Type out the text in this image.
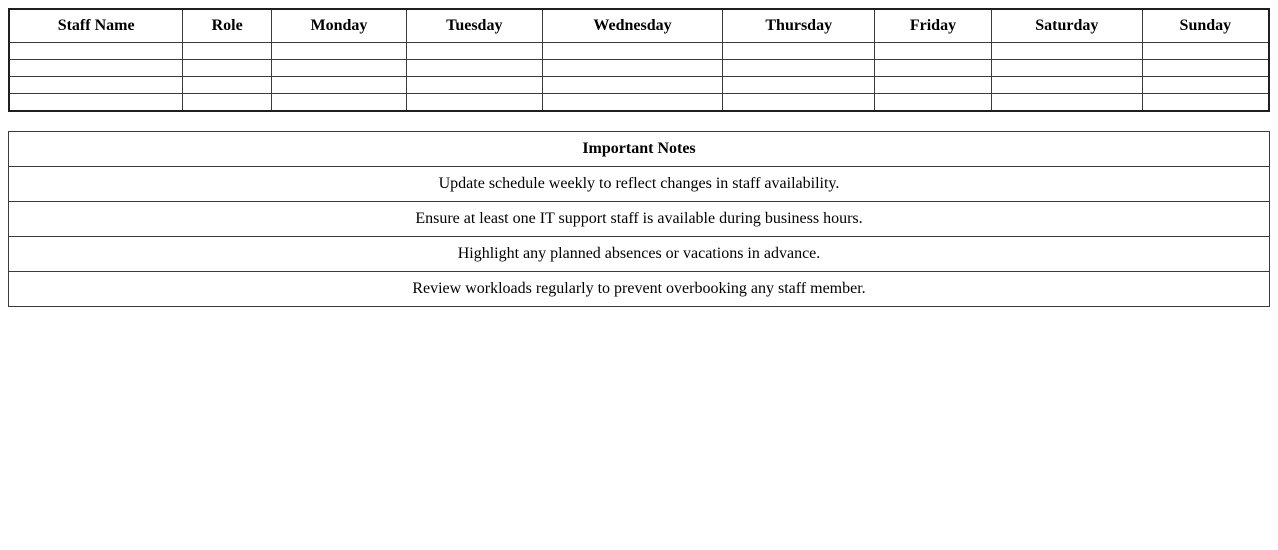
Staff Name	Role	Monday	Tuesday	Wednesday	Thursday	Friday	Saturday	Sunday

Important Notes
Update schedule weekly to reflect changes in staff availability.
Ensure at least one IT support staff is available during business hours.
Highlight any planned absences or vacations in advance.
Review workloads regularly to prevent overbooking any staff member.
